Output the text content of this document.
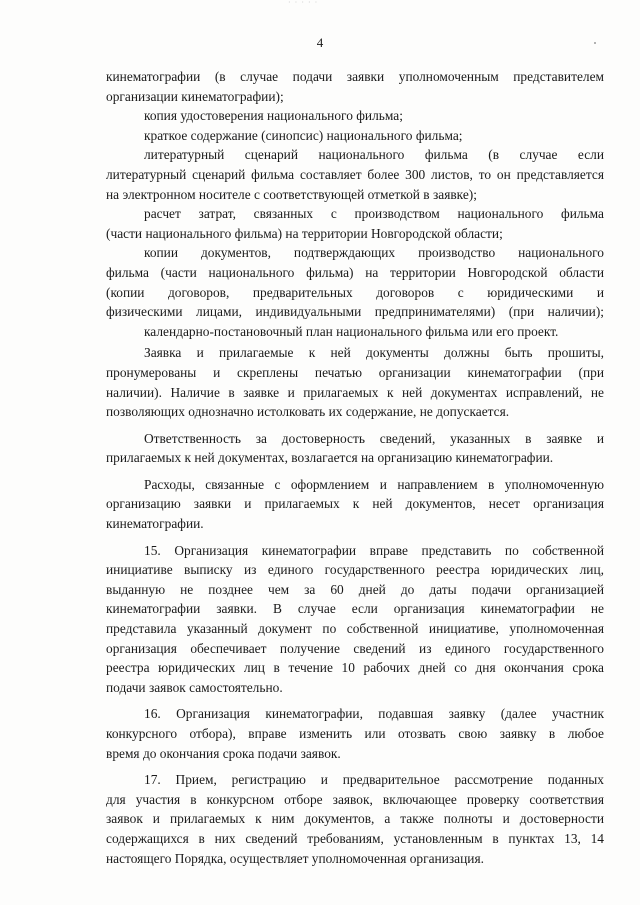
· · · · ·
4
кинематографии (в случае подачи заявки уполномоченным представителем
организации кинематографии);
копия удостоверения национального фильма;
краткое содержание (синопсис) национального фильма;
литературный сценарий национального фильма (в случае если
литературный сценарий фильма составляет более 300 листов, то он представляется
на электронном носителе с соответствующей отметкой в заявке);
расчет затрат, связанных с производством национального фильма
(части национального фильма) на территории Новгородской области;
копии документов, подтверждающих производство национального
фильма (части национального фильма) на территории Новгородской области
(копии договоров, предварительных договоров с юридическими и
физическими лицами, индивидуальными предпринимателями) (при наличии);
календарно-постановочный план национального фильма или его проект.
Заявка и прилагаемые к ней документы должны быть прошиты,
пронумерованы и скреплены печатью организации кинематографии (при
наличии). Наличие в заявке и прилагаемых к ней документах исправлений, не
позволяющих однозначно истолковать их содержание, не допускается.
Ответственность за достоверность сведений, указанных в заявке и
прилагаемых к ней документах, возлагается на организацию кинематографии.
Расходы, связанные с оформлением и направлением в уполномоченную
организацию заявки и прилагаемых к ней документов, несет организация
кинематографии.
15. Организация кинематографии вправе представить по собственной
инициативе выписку из единого государственного реестра юридических лиц,
выданную не позднее чем за 60 дней до даты подачи организацией
кинематографии заявки. В случае если организация кинематографии не
представила указанный документ по собственной инициативе, уполномоченная
организация обеспечивает получение сведений из единого государственного
реестра юридических лиц в течение 10 рабочих дней со дня окончания срока
подачи заявок самостоятельно.
16. Организация кинематографии, подавшая заявку (далее участник
конкурсного отбора), вправе изменить или отозвать свою заявку в любое
время до окончания срока подачи заявок.
17. Прием, регистрацию и предварительное рассмотрение поданных
для участия в конкурсном отборе заявок, включающее проверку соответствия
заявок и прилагаемых к ним документов, а также полноты и достоверности
содержащихся в них сведений требованиям, установленным в пунктах 13, 14
настоящего Порядка, осуществляет уполномоченная организация.
